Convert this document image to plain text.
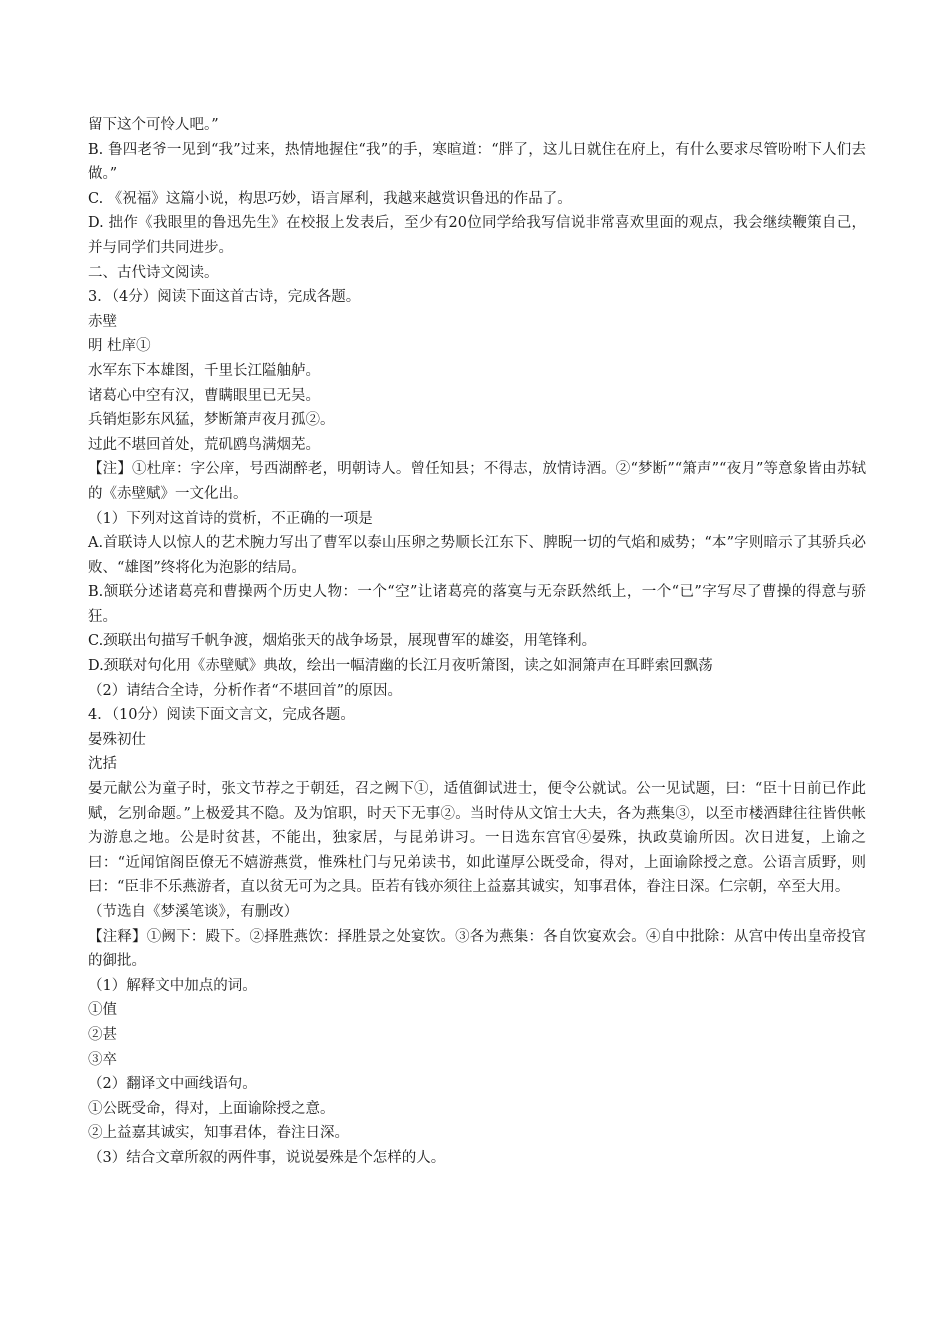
留下这个可怜人吧。”

B. 鲁四老爷一见到“我”过来，热情地握住“我”的手，寒暄道：“胖了，这儿日就住在府上，有什么要求尽管吩咐下人们去做。”

C. 《祝福》这篇小说，构思巧妙，语言犀利，我越来越赏识鲁迅的作品了。

D. 拙作《我眼里的鲁迅先生》在校报上发表后，至少有20位同学给我写信说非常喜欢里面的观点，我会继续鞭策自己，并与同学们共同进步。

二、古代诗文阅读。

3．（4分）阅读下面这首古诗，完成各题。

赤壁

明 杜庠①

水军东下本雄图，千里长江隘舳舻。

诸葛心中空有汉，曹瞒眼里已无吴。

兵销炬影东风猛，梦断箫声夜月孤②。

过此不堪回首处，荒矶鸥鸟满烟芜。

【注】①杜庠：字公庠，号西湖醉老，明朝诗人。曾任知县；不得志，放情诗酒。②“梦断”“箫声”“夜月”等意象皆由苏轼的《赤壁赋》一文化出。

（1）下列对这首诗的赏析，不正确的一项是

A.首联诗人以惊人的艺术腕力写出了曹军以泰山压卵之势顺长江东下、脾睨一切的气焰和威势；“本”字则暗示了其骄兵必败、“雄图”终将化为泡影的结局。

B.颔联分述诸葛亮和曹操两个历史人物：一个“空”让诸葛亮的落寞与无奈跃然纸上，一个“已”字写尽了曹操的得意与骄狂。

C.颈联出句描写千帆争渡，烟焰张天的战争场景，展现曹军的雄姿，用笔锋利。

D.颈联对句化用《赤壁赋》典故，绘出一幅清幽的长江月夜听箫图，读之如洞箫声在耳畔索回飘荡

（2）请结合全诗，分析作者“不堪回首”的原因。

4．（10分）阅读下面文言文，完成各题。

晏殊初仕

沈括

晏元献公为童子时，张文节荐之于朝廷，召之阙下①，适值御试进士，便令公就试。公一见试题，曰：“臣十日前已作此赋，乞别命题。”上极爱其不隐。及为馆职，时天下无事②。当时侍从文馆士大夫，各为燕集③，以至市楼酒肆往往皆供帐为游息之地。公是时贫甚，不能出，独家居，与昆弟讲习。一日选东宫官④晏殊，执政莫谕所因。次日进复，上谕之曰：“近闻馆阁臣僚无不嬉游燕赏，惟殊杜门与兄弟读书，如此谨厚公既受命，得对，上面谕除授之意。公语言质野，则曰：“臣非不乐燕游者，直以贫无可为之具。臣若有钱亦须往上益嘉其诚实，知事君体，眷注日深。仁宗朝，卒至大用。

（节选自《梦溪笔谈》，有删改）

【注释】①阙下：殿下。②择胜燕饮：择胜景之处宴饮。③各为燕集：各自饮宴欢会。④自中批除：从宫中传出皇帝投官的御批。

（1）解释文中加点的词。

①值

②甚

③卒

（2）翻译文中画线语句。

①公既受命，得对，上面谕除授之意。

②上益嘉其诚实，知事君体，眷注日深。

（3）结合文章所叙的两件事，说说晏殊是个怎样的人。
